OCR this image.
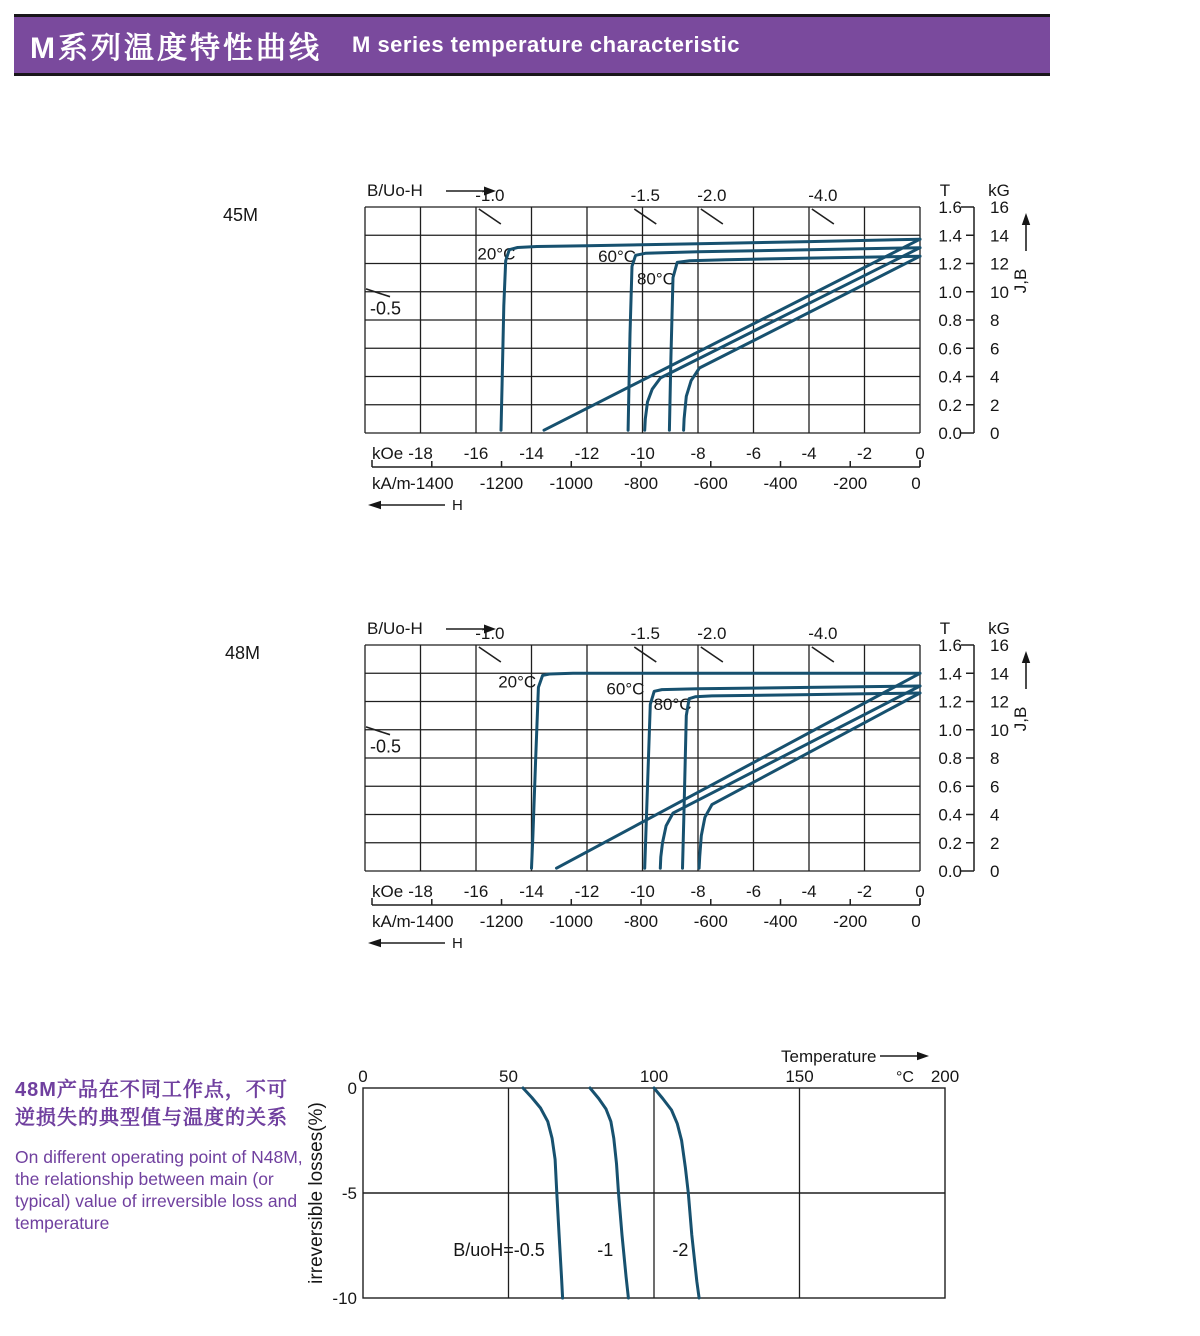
M系列温度特性曲线 M series temperature characteristic
48M产品在不同工作点，不可
逆损失的典型值与温度的关系
On different operating point of N48M,
the relationship between main (or
typical) value of irreversible loss and
temperature
45M
B/Uo-H	-1.0	-1.5 -2.0	-4.0
-0.5
kOe -18 -16 -14 -12 -10 -8 -6 -4 -2	0
-1400 -1200 -1000 -800 -600 -400 -200	0
kA/m
H
T kG
1.6 16
1.4 14
1.2 12
1.0 10
0.8 8
0.6 6
0.4 4
0.2 2
0.0 0
J,B
20°C	60°C
80°C
48M
B/Uo-H	-1.0	-1.5 -2.0	-4.0
-0.5
kOe -18 -16 -14 -12 -10 -8 -6 -4 -2	0
-1400 -1200 -1000 -800 -600 -400 -200	0
kA/m
H
T kG
1.6 16
1.4 14
1.2 12
1.0 10
0.8 8
0.6 6
0.4 4
0.2 2
0.0 0
J,B
20°C	60°C
80°C
Temperature
0	50	100	150	200
°C
0
-5
-10
irreversible losses(%)	B/uoH=-0.5	-1	-2
